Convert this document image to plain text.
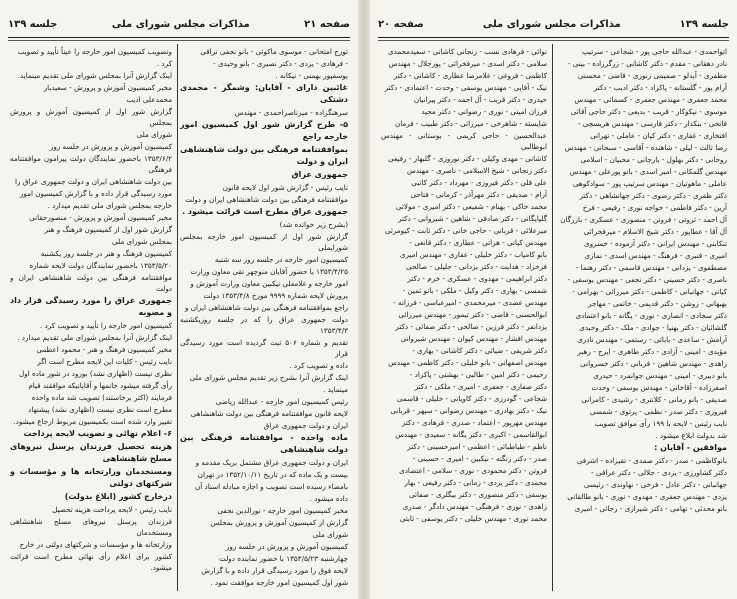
صفحه ۲۱
مذاکرات مجلس شورای ملی
جلسه ۱۳۹

تورج امتحانی - موسوی ماکوئی - بانو نجفی نراقی

- فرهادی - یزدی - دکتر نصیری - بانو وحیدی -

یوسفپور بهمنی - نیکانه .

غائبین دارای - آقایان: وشمگر - محمدی دشتکی

سرهنگزاده - میرناصراحمدی - مهندس

۵- طرح گزارش شور اول کمیسیون امور خارجه راجع

بموافقتنامه فرهنگی بین دولت شاهنشاهی ایران و دولت

جمهوری عراق

نایب رئیس - گزارش شور اول لایحه قانون

موافقتنامه فرهنگی بین دولت شاهنشاهی ایران و دولت

جمهوری عراق مطرح است قرائت میشود .

(بشرح زیر خوانده شد)

گزارش شور اول از کمیسیون امور خارجه بمجلس شورایملی

کمیسیون امور خارجه در جلسه روز سه شنبه

۱۳۵۳/۴/۲۵ با حضور آقایان منوچهر تقی معاون وزارت

امور خارجه و غلامعلی نیکبین معاون وزارت آموزش و

پرورش لایحه شماره ۹۹۹۹ مورخ ۱۳۵۳/۴/۸ دولت

راجع بموافقتنامه فرهنگی بین دولت شاهنشاهی ایران و

دولت جمهوری عراق را که در جلسه روزیکشنبه ۱۳۵۳/۴/۳

تقدیم و شماره ۵۰۶ ثبت گردیده است مورد رسیدگی قرار

داده و تصویب کرد .

اینک گزارش آنرا بشرح زیر تقدیم مجلس شورای ملی

مینماید .

رئیس کمیسیون امور خارجه - عبدالله ریاضی

لایحه قانون موافقتنامه فرهنگی بین دولت شاهنشاهی

ایران و دولت جمهوری عراق

ماده واحده - موافقتنامه فرهنگی بین دولت شاهنشاهی

ایران و دولت جمهوری عراق مشتمل بریک مقدمه و

بیست و یک ماده که در تاریخ ۱۳۵۲/۱۰/۱۱ در تهران

بامضاء رسیده است تصویب و اجازه مبادله اسناد آن

داده میشود .

مخبر کمیسیون امور خارجه - نورالدین نجفی

گزارش از کمیسیون آموزش و پرورش بمجلس

شورای ملی

کمیسیون آموزش و پرورش در جلسه روز

چهارشنبه ۱۳۵۳/۵/۲۳ با حضور نماینده دولت

لایحه فوق را مورد رسیدگی قرار داده و با گزارش

شور اول کمیسیون امور خارجه موافقت نمود .

وتصویب کمیسیون امور خارجه را عیناً تأیید و تصویب

کرد .

اینک گزارش آنرا بمجلس شورای ملی تقدیم مینماید.

مخبر کمیسیون آموزش و پرورش - سعیدیار

محمدعلی ادیب

گزارش شور اول از کمیسیون آموزش و پرورش بمجلس

شورای ملی

کمیسیون آموزش و پرورش در جلسه روز

۱۳۵۳/۶/۲ باحضور نمایندگان دولت پیرامون موافقتنامه فرهنگی

بین دولت شاهنشاهی ایران و دولت جمهوری عراق را

مورد رسیدگی قرار داده و با گزارش کمیسیون امور

خارجه بمجلس شورای ملی تقدیم میدارد .

مخبر کمیسیون آموزش و پرورش - منصورحقانی

گزارش شور اول از کمیسیون فرهنگ و هنر

بمجلس شورای ملی

کمیسیون فرهنگ و هنر در جلسه روز یکشنبه

۱۳۵۳/۵/۲۰ باحضور نمایندگان دولت لایحه شماره

موافقتنامه فرهنگی بین دولت شاهنشاهی ایران و دولت

جمهوری عراق را مورد رسیدگی قرار داد و مصوبه

کمیسیون امور خارجه را تأیید و تصویب کرد .

اینک گزارش آنرا بمجلس شورای ملی تقدیم میدارد .

مخبر کمیسیون فرهنگ و هنر - محمود اعظمی

نایب رئیس - کلیات این لایحه مطرح است اگر

نظری نیست (اظهاری نشد) بورود در شور ماده اول

رأی گرفته میشود خانمها و آقایانیکه موافقند قیام

فرمایند (اکثر برخاستند) تصویب شد ماده واحده

مطرح است نظری نیست (اظهاری نشد) پیشنهاد

تغییر وارد شده است بکمیسیون مربوط ارجاع میشود.

۶- اعلام نهائی و تصویب لایحه پرداخت

هزینه تحصیل فرزندان پرسنل نیروهای مسلح شاهنشاهی

ومستخدمان وزارتخانه ها و مؤسسات و شرکتهای دولتی

درخارج کشور (ابلاغ بدولت)

نایب رئیس - لایحه پرداخت هزینه تحصیل

فرزندان پرسنل نیروهای مسلح شاهنشاهی ومستخدمان

وزارتخانه ها و مؤسسات و شرکتهای دولتی در خارج

کشور برای اعلام رأی نهائی مطرح است قرائت میشود.

جلسه ۱۳۹
مذاکرات مجلس شورای ملی
صفحه ۲۰

اتواحمدی - عبدالله حاجی پور - شجاعی - سرتیپ

نادر دهقانی - مقدم - دکتر کاشانی - زرگرزاده - بینی -

مظفری - آیدلو - صمیمی زنوزی - قاضی - محسنی

آرام پور - گلستانه - پاکزاد - دکتر ادیب - دکتر

محمد جعفری - مهندس جعفری - کسمائی - مهندس

موسوی - نیکوکار - قریب - بدیعی - دکتر حاجی آقائی

فاتحی - بنکدار - دکتر فارسی - مهندس هریسچی -

افتخاری - غفاری - دکتر کیان - عاملی - تهرانی

رضا ثالث - لیلی - شاهنده - آقاسی - سبحانی - مهندس

روحانی - دکتر بهلول - یارجانی - محبیان - اسلامی

مهندس گلمکانی - امیر اسدی - بانو پورعلی - مهندس

عاملی - ماهوتیان - مهندس سرتیپ پور - سوادکوهی

دکتر ظفری - دکتر رضوی - دکتر جهانشاهی - دکتر

آرین - دکتر فاطمی - خواجه نوری - رفیعی - فرخ

آل احمد - ثروتی - فروتن - منصوری - عسکری - بازرگان

آل آقا - عطاپور - دکتر شیخ الاسلام - میرفخرائی

تنکابنی - مهندس ایرانی - دکتر آزموده - خسروی

امیری - قنبری - فرهنگ - مهندس اسدی - نمازی

مصطفوی - یزدانی - مهندس قاسمی - دکتر رهنما -

ناصری - دکتر حسینی - دکتر نجفی - مهندس یوسفی -

کیانی - جهانبانی - کاظمی - دکتر میرزائی - بهرامی -

بهبهانی - روشن - دکتر قدیمی - خاتمی - مهاجر

دکتر سجادی - انصاری - نوری - یگانه - بانو اعتمادی

گلشائیان - دکتر بهنیا - جوادی - ملک - دکتر وحیدی

آرامش - ساعدی - بابائی - رستمی - مهندس نادری

مؤیدی - امینی - آزادی - دکتر طاهری - ایرج - رهبر

زاهدی - مهندس شاهین - قربانی - دکتر خسروانی

بانو دبیری - امینی - مهندس جوانمرد - حیدری

اصغرزاده - آقاخانی - مهندس یوسفی - وحدت

صدیقی - بانو زمانی - کلانتری - رشیدی - کامرانی

فیروزی - دکتر صدر - نظمی - پرتوی - شمسی

نایب رئیس - لایحه با ۱۹۹ رأی موافق تصویب

شد بدولت ابلاغ میشود .

موافقین - آقایان :

بانوکاظمی - صدر - دکتر صمدی - تقیزاده - اشرفی

دکتر کشاورزی - یزدی - جلالی - دکتر عراقی -

جهانبانی - دکتر عادل - فرخی - نهاوندی - رئیسی

یزدی - مهندس جعفری - مهدوی - نوری - بانو طالقانی

بانو محدثی - تهامی - دکتر شیرازی - رجائی - امیری

نوائی - فرهادی نسب - زنجانی کاشانی - سعیدمحمدی

سلامی - دکتر اسدی - میرفخرائی - پورجلال - مهندس

کاظمی - فروغی - غلامرضا عطاری - کاشانی - دکتر

نیک - آقایی - مهندس یوسفی - وحدت - اعتمادی - دکتر

حیدری - دکتر قریب - آل احمد - دکتر پیرانیان

فرزان امینی - نوری - رضوانی - دکتر مجید

شایسته - شاهرخی - میرزائی - دکتر طبیب - فرمان

عبدالحسین - حاجی کریمی - بوستانی - مهندس ابوطالبی

کاشانی - مهدی وکیلی - دکتر نوروزی - گلبهار - رفیعی

دکتر زنجانی - شیخ الاسلامی - ناصری - مهندس

علی قلی - دکتر فیروزی - مهرداد - دکتر کاتبی

آرام - صدیقی - دکتر مهرآذر - کرمانی - فتاحی

محمد خاکی - بهنام - شفیعی - دکتر امیری - مولائی

گلپایگانی - دکتر صادقی - شاهین - شیروانی - دکتر

میرعلائی - قربانی - حاجی خانی - دکتر ثابت - کیومرثی

مهندس کیانی - هراتی - عطاری - دکتر قانعی -

بانو کامیاب - دکتر خلیلی - غفاری - مهندس امیری

فرخزاد - هدایت - دکتر یزدانی - جلیلی - صالحی

دکتر ابراهیمی - مهدوی - عسکری - خرم - دکتر

شمسی - بهاری - دکتر وکیل - ملکی - بانو ثمین -

مهندس عضدی - میرمحمدی - امیرعباسی - فرزانه -

ابوالحسنی - قاضی - دکتر تیمور - مهندس میرزائی

یزدانفر - دکتر فرزین - صالحی - دکتر صفائی - دکتر

مهندس افشار - مهندس کیوان - مهندس شیروانی

دکتر شریفی - ضیائی - دکتر کاشانی - بهاری -

مهندس اصفهانی - بانو خلیلی - دکتر کاظمی - مهندس

رحیمی - دکتر امین - طالبی - بهشتی - پاکزاد -

دکتر صفاری - جعفری - امیری - ملکی - دکتر

شجاعی - گودرزی - دکتر کاویانی - خلیلی - قاسمی

نیک - دکتر بهادری - مهندس رضوانی - سپهر - قربانی

مهندس مهرپور - اعتماد - صدری - فرهادی - دکتر

ابوالقاسمی - اکبری - دکتر یگانه - سعیدی - مهندس

ناظم - طباطبائی - اعظمی - امیرحسینی - دکتر

صدر - دکتر زنگنه - نیکبین - امیری - حسینی -

فروتن - دکتر محمودی - نوری - سلامی - اعتضادی

محمدی - دکتر یزدی - زمانی - دکتر رفیعی - بهار

یوسفی - دکتر منصوری - دکتر بیگلری - صفائی

زاهدی - نوری - فرهنگی - مهندس دادگر - صدری

محمد نوری - مهندس خلیلی - دکتر یوسفی - ثابتی
